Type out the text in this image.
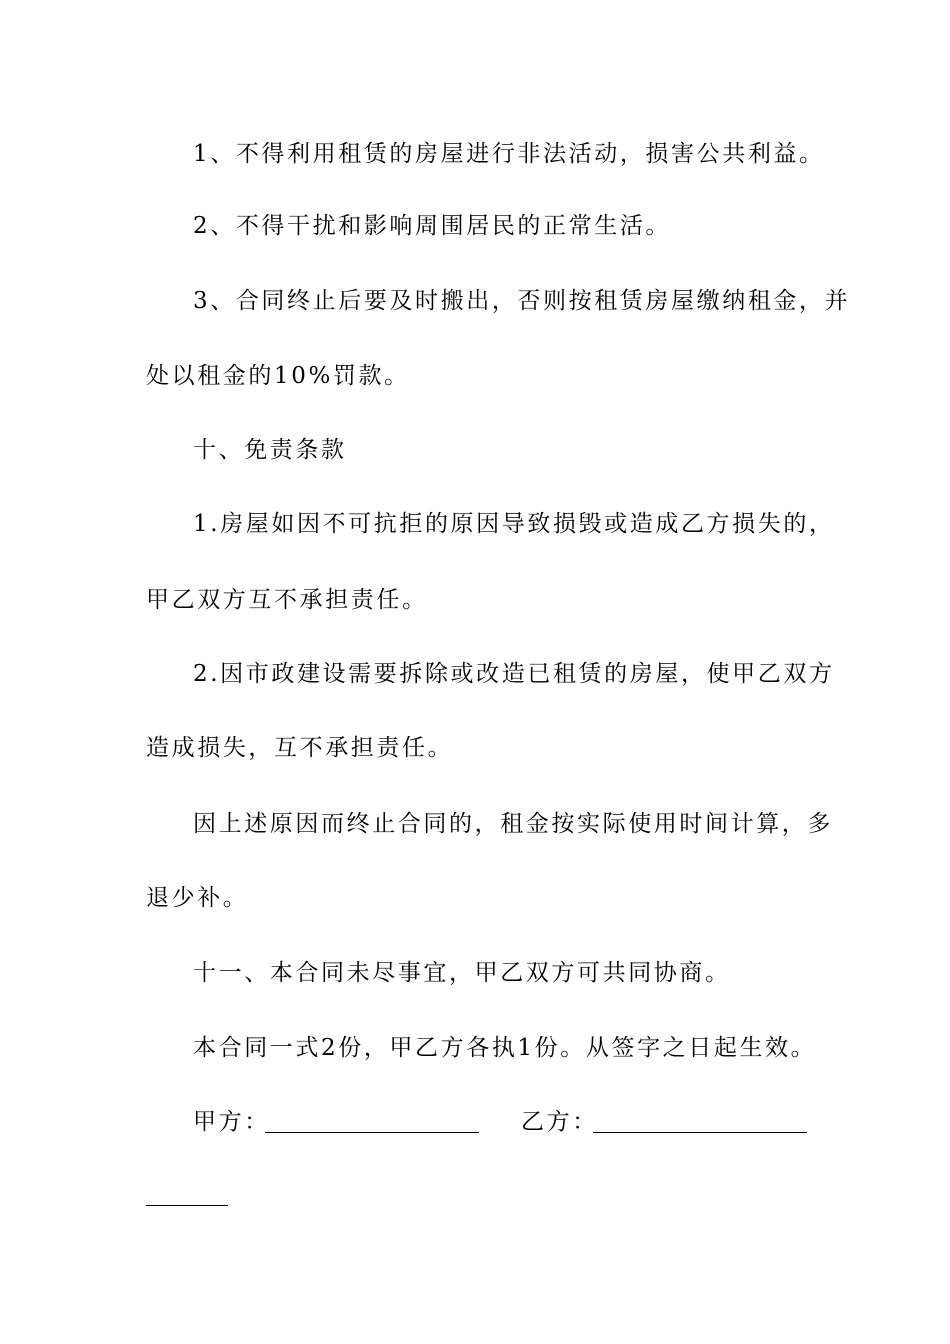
1、不得利用租赁的房屋进行非法活动，损害公共利益。
2、不得干扰和影响周围居民的正常生活。
3、合同终止后要及时搬出，否则按租赁房屋缴纳租金，并
处以租金的10%罚款。
十、免责条款
1.房屋如因不可抗拒的原因导致损毁或造成乙方损失的，
甲乙双方互不承担责任。
2.因市政建设需要拆除或改造已租赁的房屋，使甲乙双方
造成损失，互不承担责任。
因上述原因而终止合同的，租金按实际使用时间计算，多
退少补。
十一、本合同未尽事宜，甲乙双方可共同协商。
本合同一式2份，甲乙方各执1份。从签字之日起生效。
甲方：	乙方：
